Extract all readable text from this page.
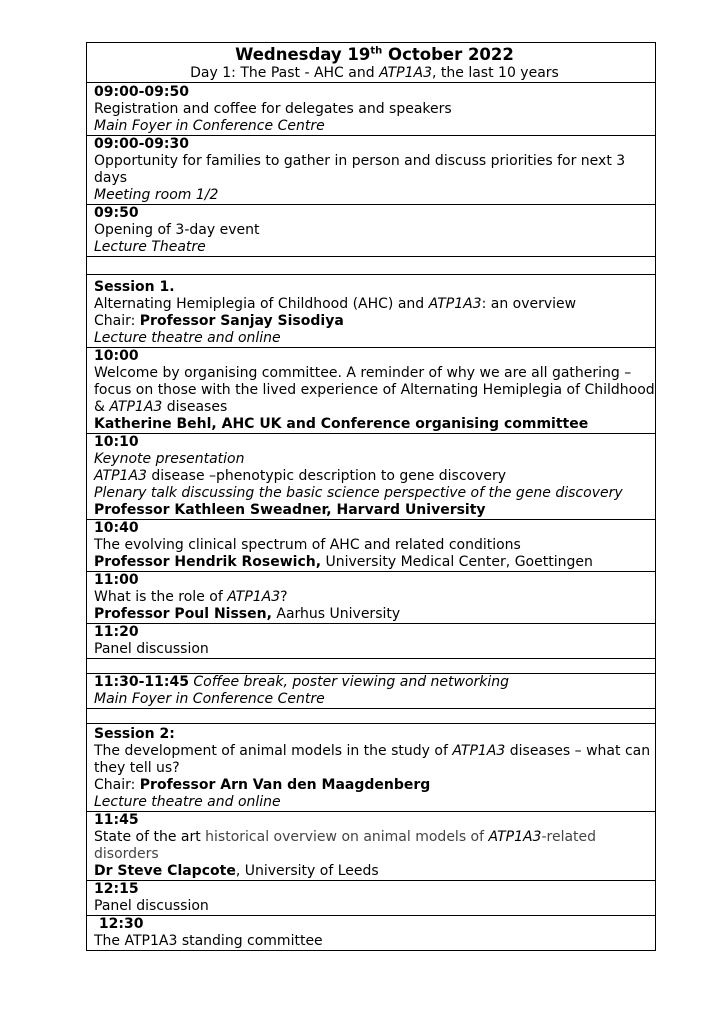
Wednesday 19th October 2022
Day 1: The Past - AHC and ATP1A3, the last 10 years

09:00-09:50
Registration and coffee for delegates and speakers
Main Foyer in Conference Centre

09:00-09:30
Opportunity for families to gather in person and discuss priorities for next 3 days
Meeting room 1/2

09:50
Opening of 3-day event
Lecture Theatre

Session 1.
Alternating Hemiplegia of Childhood (AHC) and ATP1A3: an overview
Chair: Professor Sanjay Sisodiya
Lecture theatre and online

10:00
Welcome by organising committee. A reminder of why we are all gathering – focus on those with the lived experience of Alternating Hemiplegia of Childhood & ATP1A3 diseases
Katherine Behl, AHC UK and Conference organising committee

10:10
Keynote presentation
ATP1A3 disease –phenotypic description to gene discovery
Plenary talk discussing the basic science perspective of the gene discovery
Professor Kathleen Sweadner, Harvard University

10:40
The evolving clinical spectrum of AHC and related conditions
Professor Hendrik Rosewich, University Medical Center, Goettingen

11:00
What is the role of ATP1A3?
Professor Poul Nissen, Aarhus University

11:20
Panel discussion

11:30-11:45 Coffee break, poster viewing and networking
Main Foyer in Conference Centre

Session 2:
The development of animal models in the study of ATP1A3 diseases – what can they tell us?
Chair: Professor Arn Van den Maagdenberg
Lecture theatre and online

11:45
State of the art historical overview on animal models of ATP1A3-related disorders
Dr Steve Clapcote, University of Leeds

12:15
Panel discussion

12:30
The ATP1A3 standing committee
